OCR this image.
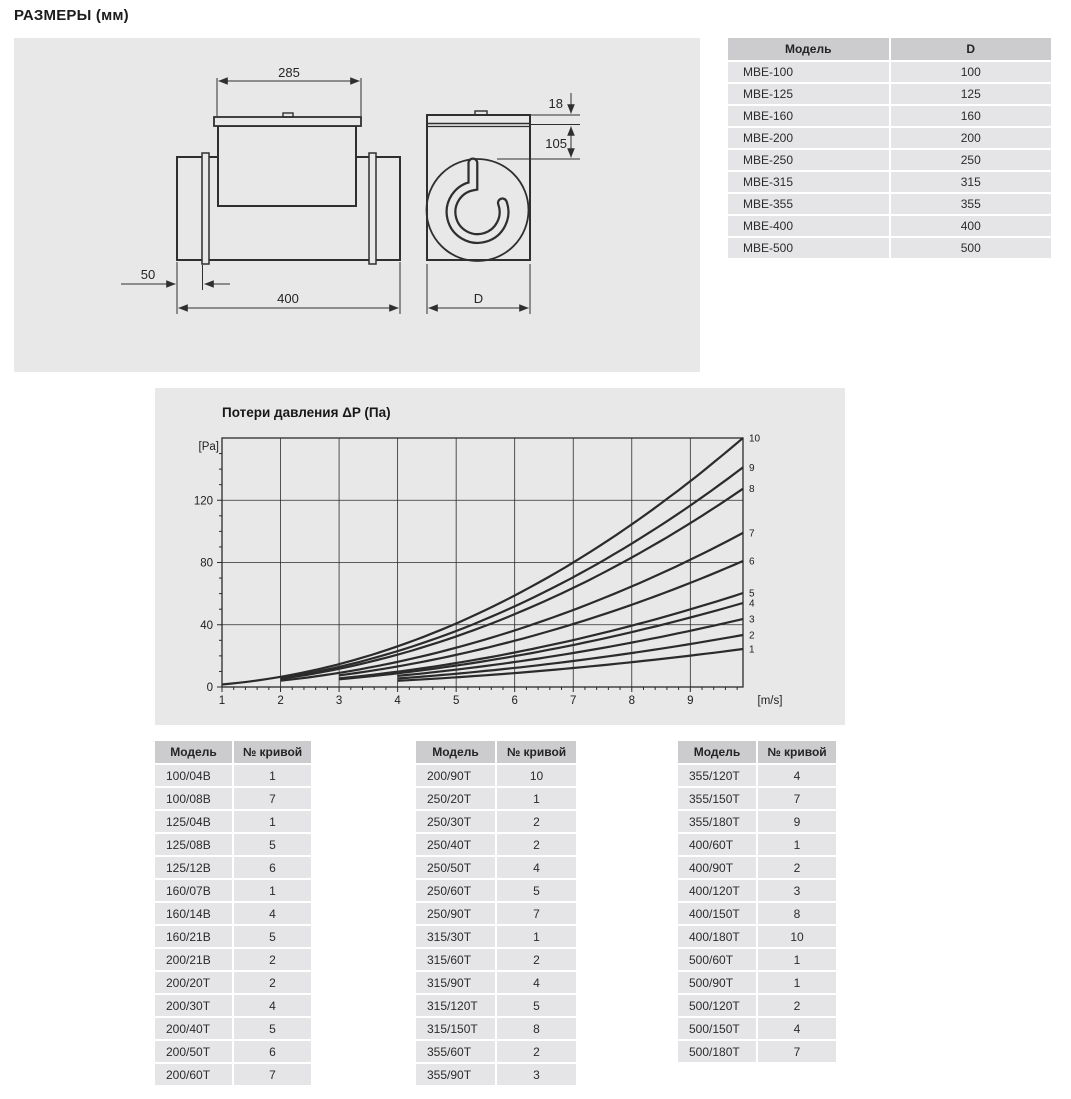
РАЗМЕРЫ (мм)
285
18
105
50
400	D
Модель	D
МВЕ-100	100
МВЕ-125	125
МВЕ-160	160
МВЕ-200	200
МВЕ-250	250
МВЕ-315	315
МВЕ-355	355
МВЕ-400	400
МВЕ-500	500
Потери давления ΔP (Па)
1	2	3	4	5	6	7	8	9	[m/s]
0
40
80
120
[Pa]
1
2
3
4
5
6
7
8
9
10
Модель	№ кривой
100/04В	1
100/08В	7
125/04В	1
125/08В	5
125/12В	6
160/07В	1
160/14В	4
160/21В	5
200/21В	2
200/20Т	2
200/30Т	4
200/40Т	5
200/50Т	6
200/60Т	7
Модель	№ кривой
200/90Т	10
250/20Т	1
250/30Т	2
250/40Т	2
250/50Т	4
250/60Т	5
250/90Т	7
315/30Т	1
315/60Т	2
315/90Т	4
315/120Т	5
315/150Т	8
355/60Т	2
355/90Т	3
Модель	№ кривой
355/120Т	4
355/150Т	7
355/180Т	9
400/60Т	1
400/90Т	2
400/120Т	3
400/150Т	8
400/180Т	10
500/60Т	1
500/90Т	1
500/120Т	2
500/150Т	4
500/180Т	7
